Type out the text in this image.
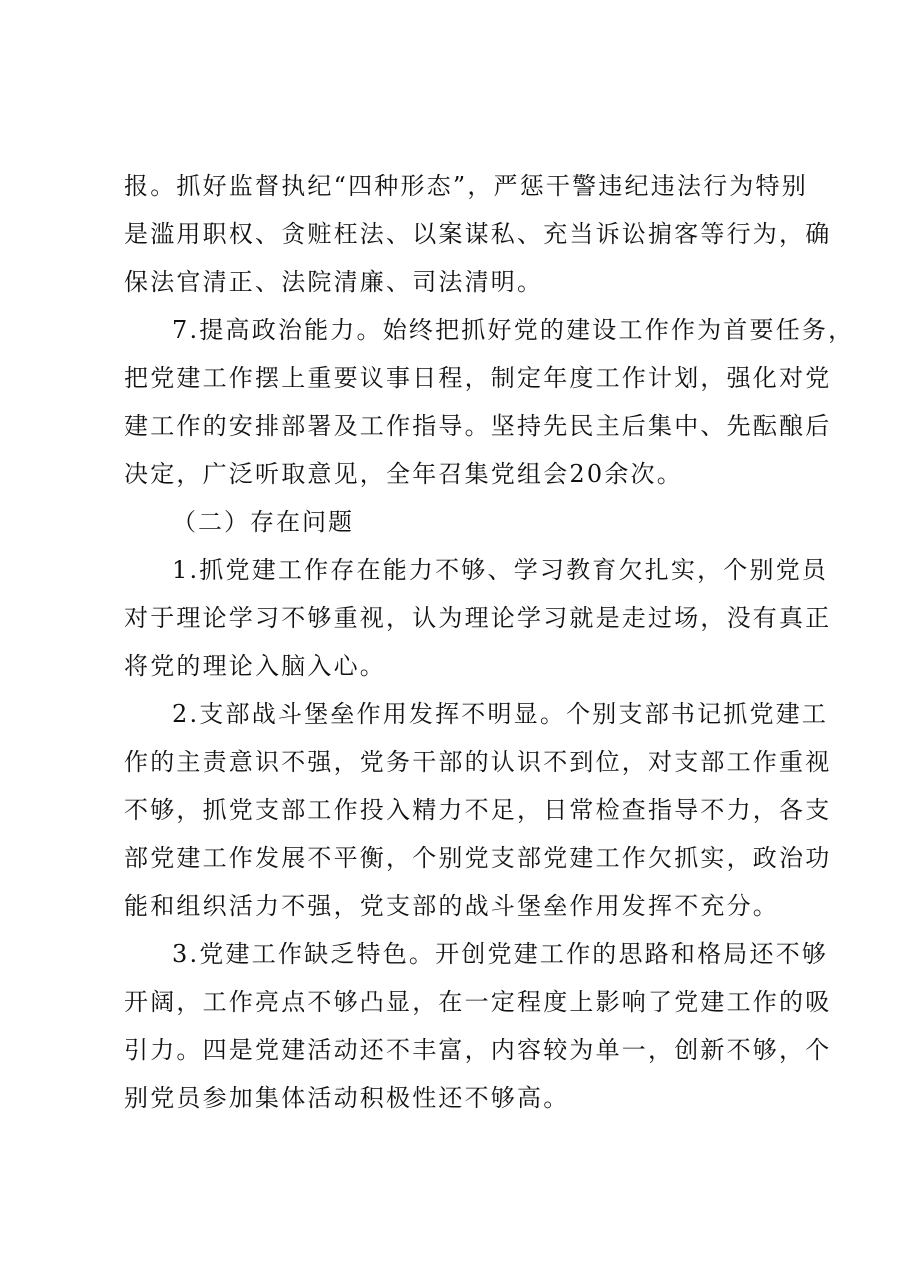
报。抓好监督执纪“四种形态”，严惩干警违纪违法行为特别
是滥用职权、贪赃枉法、以案谋私、充当诉讼掮客等行为，确
保法官清正、法院清廉、司法清明。
7.提高政治能力。始终把抓好党的建设工作作为首要任务，
把党建工作摆上重要议事日程，制定年度工作计划，强化对党
建工作的安排部署及工作指导。坚持先民主后集中、先酝酿后
决定，广泛听取意见，全年召集党组会20余次。
（二）存在问题
1.抓党建工作存在能力不够、学习教育欠扎实，个别党员
对于理论学习不够重视，认为理论学习就是走过场，没有真正
将党的理论入脑入心。
2.支部战斗堡垒作用发挥不明显。个别支部书记抓党建工
作的主责意识不强，党务干部的认识不到位，对支部工作重视
不够，抓党支部工作投入精力不足，日常检查指导不力，各支
部党建工作发展不平衡，个别党支部党建工作欠抓实，政治功
能和组织活力不强，党支部的战斗堡垒作用发挥不充分。
3.党建工作缺乏特色。开创党建工作的思路和格局还不够
开阔，工作亮点不够凸显，在一定程度上影响了党建工作的吸
引力。四是党建活动还不丰富，内容较为单一，创新不够，个
别党员参加集体活动积极性还不够高。
